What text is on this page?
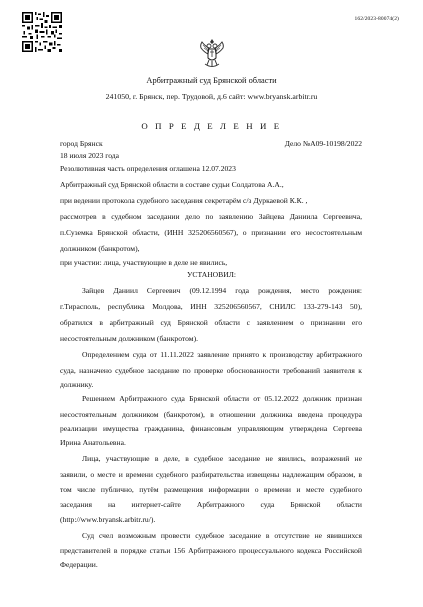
162/2023-80074(2)
Арбитражный суд Брянской области
241050, г. Брянск, пер. Трудовой, д.6 сайт: www.bryansk.arbitr.ru
О П Р Е Д Е Л Е Н И Е
город Брянск	Дело №А09-10198/2022
18 июля 2023 года
Резолютивная часть определения оглашена 12.07.2023
Арбитражный суд Брянской области в составе судьи Солдатова А.А.,
при ведении протокола судебного заседания секретарём с/з Дуркаевой К.К. ,
рассмотрев в судебном заседании дело по заявлению Зайцева Даниила Сергеевича,
п.Суземка Брянской области, (ИНН 325206560567), о признании его несостоятельным
должником (банкротом),
при участии: лица, участвующие в деле не явились,
УСТАНОВИЛ:
Зайцев Даниил Сергеевич (09.12.1994 года рождения, место рождения:
г.Тирасполь, республика Молдова, ИНН 325206560567, СНИЛС 133-279-143 50),
обратился в арбитражный суд Брянской области с заявлением о признании его
несостоятельным должником (банкротом).
Определением суда от 11.11.2022 заявление принято к производству арбитражного
суда, назначено судебное заседание по проверке обоснованности требований заявителя к
должнику.
Решением Арбитражного суда Брянской области от 05.12.2022 должник признан
несостоятельным должником (банкротом), в отношении должника введена процедура
реализации имущества гражданина, финансовым управляющим утверждена Сергеева
Ирина Анатольевна.
Лица, участвующие в деле, в судебное заседание не явились, возражений не
заявили, о месте и времени судебного разбирательства извещены надлежащим образом, в
том числе публично, путём размещения информации о времени и месте судебного
заседания на интернет-сайте Арбитражного суда Брянской области
(http://www.bryansk.arbitr.ru/).
Суд счел возможным провести судебное заседание в отсутствие не явившихся
представителей в порядке статьи 156 Арбитражного процессуального кодекса Российской
Федерации.
